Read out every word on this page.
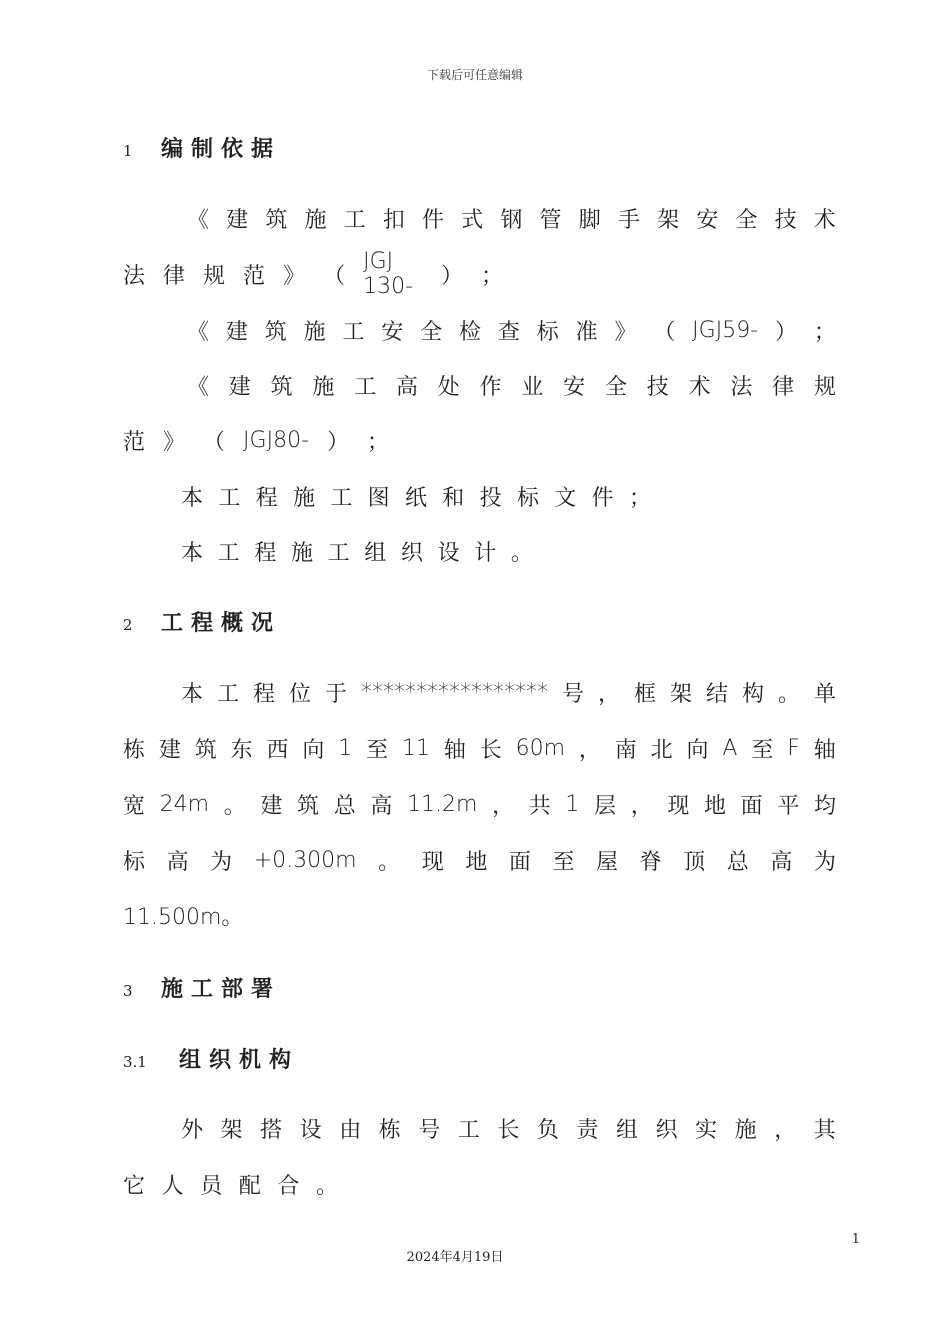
下载后可任意编辑
1 编制依据
《 建 筑 施 工 扣 件 式 钢 管 脚 手 架 安 全 技 术
法 律 规 范 》 （
JGJ 130-	） ；
《 建 筑 施 工 安 全 检 查 标 准 》 （ JGJ59- ） ；
《 建 筑 施 工 高 处 作 业 安 全 技 术 法 律 规
范 》 （ JGJ80- ） ；
本 工 程 施 工 图 纸 和 投 标 文 件 ；
本 工 程 施 工 组 织 设 计 。
2 工程概况
本 工 程 位 于 ***************** 号 ， 框 架 结 构 。 单
栋 建 筑 东 西 向 1 至 11 轴 长 60m ， 南 北 向 A 至 F 轴
宽 24m 。 建 筑 总 高 11.2m ， 共 1 层 ， 现 地 面 平 均
标 高 为 +0.300m 。 现 地 面 至 屋 脊 顶 总 高 为
11.500m。
3 施工部署
3.1 组织机构
外 架 搭 设 由 栋 号 工 长 负 责 组 织 实 施 ， 其
它 人 员 配 合 。
1
2024年4月19日
